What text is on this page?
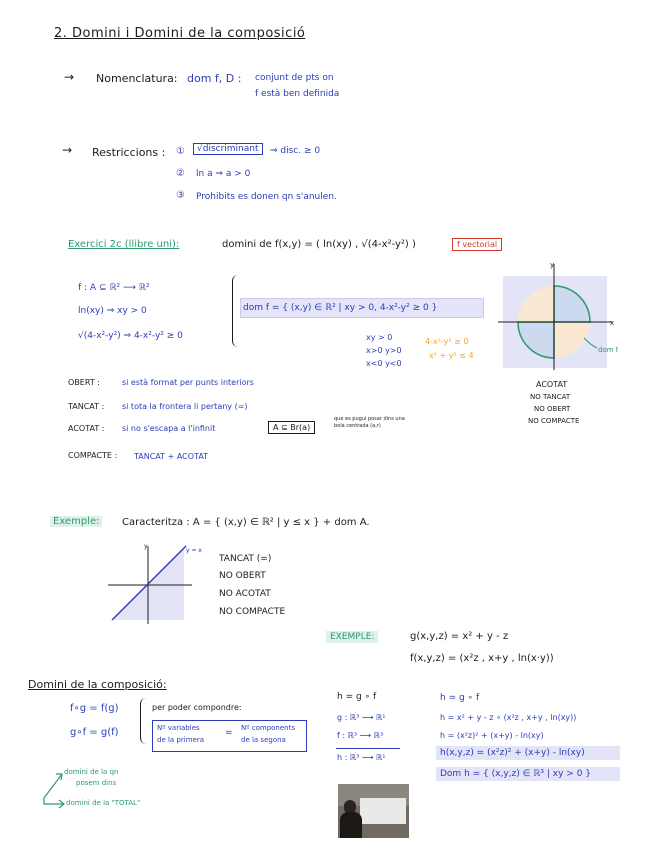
2. Domini i Domini de la composició
→ Nomenclatura: dom f, D : conjunt de pts on
f està ben definida
→ Restriccions : ①	√discriminant	⇒ disc. ≥ 0
② ln a ⇒ a > 0
③ Prohibits es donen qn s'anulen.
Exercici 2c (llibre uni):	domini de f(x,y) = ( ln(xy) , √(4-x²-y²) )	f vectorial
f : A ⊆ ℝ² ⟶ ℝ²
ln(xy) ⇒ xy > 0
√(4-x²-y²) ⇒ 4-x²-y² ≥ 0
dom f = { (x,y) ∈ ℝ² | xy > 0, 4-x²-y² ≥ 0 }
xy > 0
x>0 y>0
x<0 y<0
4-x²-y² ≥ 0
x² + y² ≤ 4
y
x
dom f
ACOTAT
NO TANCAT
NO OBERT
NO COMPACTE
OBERT :	si està format per punts interiors
TANCAT : si tota la frontera li pertany (=)
ACOTAT : si no s'escapa a l'infinit	A ⊆ Br(a)
que es pugui posar dins una bola centrada (a,r)
COMPACTE : TANCAT + ACOTAT
Exemple:	Caracteritza : A = { (x,y) ∈ ℝ² | y ≤ x } + dom A.
y
y = x
TANCAT (=)
NO OBERT
NO ACOTAT
NO COMPACTE
EXEMPLE:	g(x,y,z) = x² + y - z
f(x,y,z) = (x²z , x+y , ln(x·y))
Domini de la composició:
f∘g = f(g)
g∘f = g(f)
per poder compondre:
Nº variables
de la primera
= Nº components
de la segona
domini de la qn
posem dins
domini de la "TOTAL"
h = g ∘ f
g : ℝ³ ⟶ ℝ¹
f : ℝ³ ⟶ ℝ³
h : ℝ³ ⟶ ℝ¹
h = g ∘ f
h = x² + y - z ∘ (x²z , x+y , ln(xy))
h = (x²z)² + (x+y) - ln(xy)
h(x,y,z) = (x²z)² + (x+y) - ln(xy)
Dom h = { (x,y,z) ∈ ℝ³ | xy > 0 }
